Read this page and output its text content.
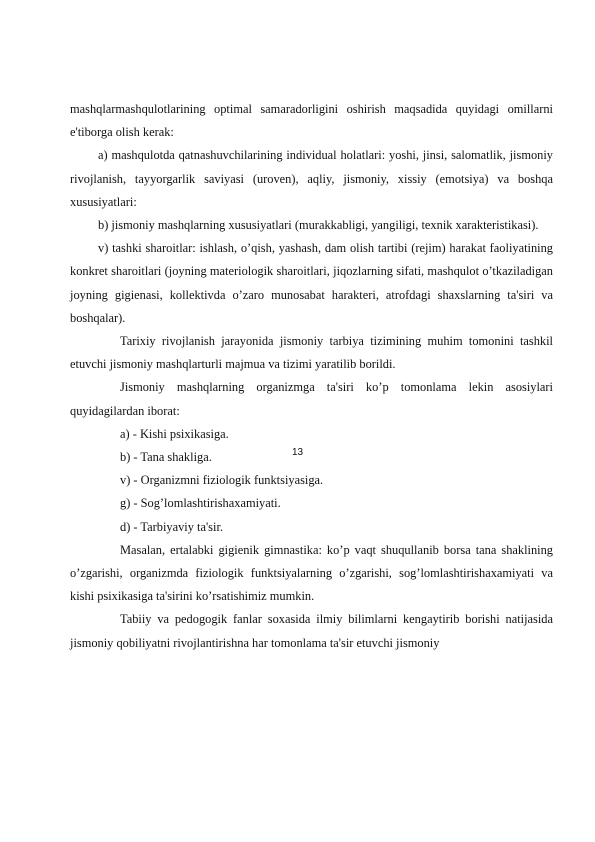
mashqlarmashqulotlarining optimal samaradorligini oshirish maqsadida quyidagi omillarni e'tiborga olish kerak:

a) mashqulotda qatnashuvchilarining individual holatlari: yoshi, jinsi, salomatlik, jismoniy rivojlanish, tayyorgarlik saviyasi (uroven), aqliy, jismoniy, xissiy (emotsiya) va boshqa xususiyatlari:

b) jismoniy mashqlarning xususiyatlari (murakkabligi, yangiligi, texnik xarakteristikasi).

v) tashki sharoitlar: ishlash, o’qish, yashash, dam olish tartibi (rejim) harakat faoliyatining konkret sharoitlari (joyning materiologik sharoitlari, jiqozlarning sifati, mashqulot o’tkaziladigan joyning gigienasi, kollektivda o’zaro munosabat harakteri, atrofdagi shaxslarning ta'siri va boshqalar).

Tarixiy rivojlanish jarayonida jismoniy tarbiya tizimining muhim tomonini tashkil etuvchi jismoniy mashqlarturli majmua va tizimi yaratilib borildi.

Jismoniy mashqlarning organizmga ta'siri ko’p tomonlama lekin asosiylari quyidagilardan iborat:

a) - Kishi psixikasiga.

b) - Tana shakliga.

v) - Organizmni fiziologik funktsiyasiga.

g) - Sog’lomlashtirishaxamiyati.

d) - Tarbiyaviy ta'sir.

Masalan, ertalabki gigienik gimnastika: ko’p vaqt shuqullanib borsa tana shaklining o’zgarishi, organizmda fiziologik funktsiyalarning o’zgarishi, sog’lomlashtirishaxamiyati va kishi psixikasiga ta'sirini ko’rsatishimiz mumkin.

Tabiiy va pedogogik fanlar soxasida ilmiy bilimlarni kengaytirib borishi natijasida jismoniy qobiliyatni rivojlantirishna har tomonlama ta'sir etuvchi jismoniy

13
